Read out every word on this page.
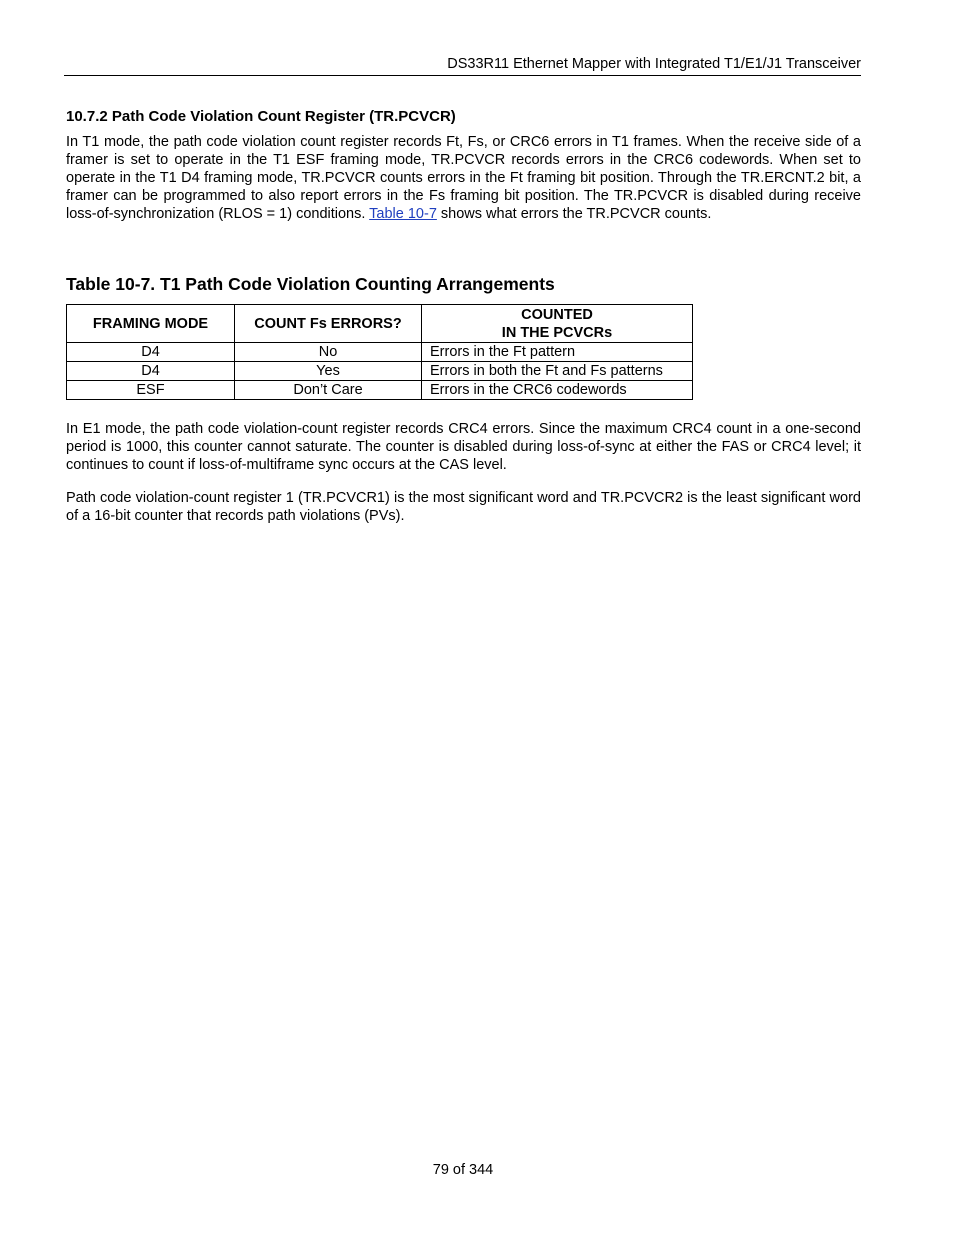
DS33R11 Ethernet Mapper with Integrated T1/E1/J1 Transceiver
10.7.2 Path Code Violation Count Register (TR.PCVCR)

In T1 mode, the path code violation count register records Ft, Fs, or CRC6 errors in T1 frames. When the receive side of a framer is set to operate in the T1 ESF framing mode, TR.PCVCR records errors in the CRC6 codewords. When set to operate in the T1 D4 framing mode, TR.PCVCR counts errors in the Ft framing bit position. Through the TR.ERCNT.2 bit, a framer can be programmed to also report errors in the Fs framing bit position. The TR.PCVCR is disabled during receive loss-of-synchronization (RLOS = 1) conditions. Table 10-7 shows what errors the TR.PCVCR counts.

Table 10-7. T1 Path Code Violation Counting Arrangements
FRAMING MODE	COUNT Fs ERRORS?	COUNTED
IN THE PCVCRs
D4	No	Errors in the Ft pattern
D4	Yes	Errors in both the Ft and Fs patterns
ESF	Don’t Care	Errors in the CRC6 codewords

In E1 mode, the path code violation-count register records CRC4 errors. Since the maximum CRC4 count in a one-second period is 1000, this counter cannot saturate. The counter is disabled during loss-of-sync at either the FAS or CRC4 level; it continues to count if loss-of-multiframe sync occurs at the CAS level.

Path code violation-count register 1 (TR.PCVCR1) is the most significant word and TR.PCVCR2 is the least significant word of a 16-bit counter that records path violations (PVs).

79 of 344
